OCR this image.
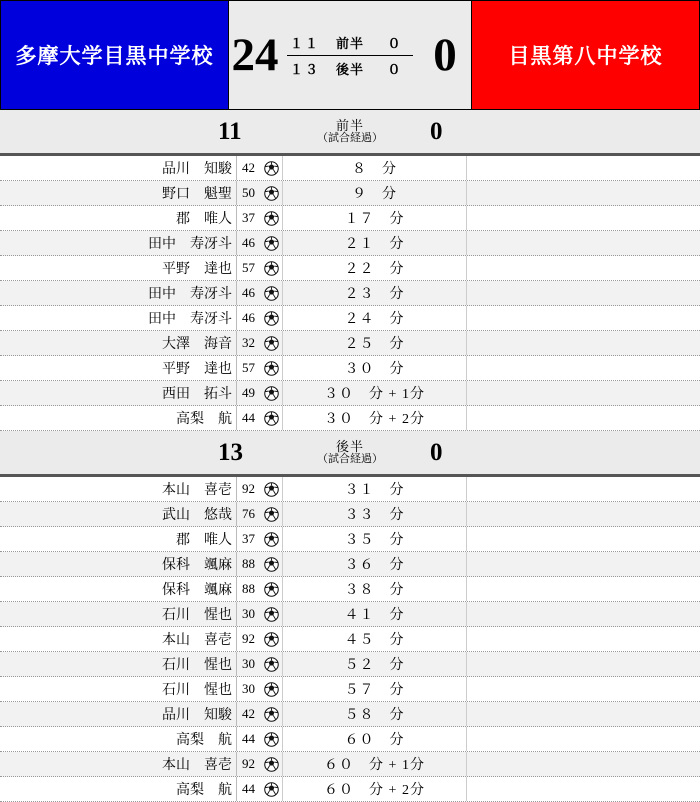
多摩大学目黒中学校 24 １１	前半	０
１３	後半	０ 0	目黒第八中学校
11	前半
（試合経過）	0
品川　知駿 42	８　分
野口　魁聖 50	９　分
郡　唯人 37	１７　分
田中　寿冴斗 46	２１　分
平野　達也 57	２２　分
田中　寿冴斗 46	２３　分
田中　寿冴斗 46	２４　分
大澤　海音 32	２５　分
平野　達也 57	３０　分
西田　拓斗 49	３０　分 + 1分
高梨　航 44	３０　分 + 2分
13	後半
（試合経過）	0
本山　喜壱 92	３１　分
武山　悠哉 76	３３　分
郡　唯人 37	３５　分
保科　颯麻 88	３６　分
保科　颯麻 88	３８　分
石川　惺也 30	４１　分
本山　喜壱 92	４５　分
石川　惺也 30	５２　分
石川　惺也 30	５７　分
品川　知駿 42	５８　分
高梨　航 44	６０　分
本山　喜壱 92	６０　分 + 1分
高梨　航 44	６０　分 + 2分
